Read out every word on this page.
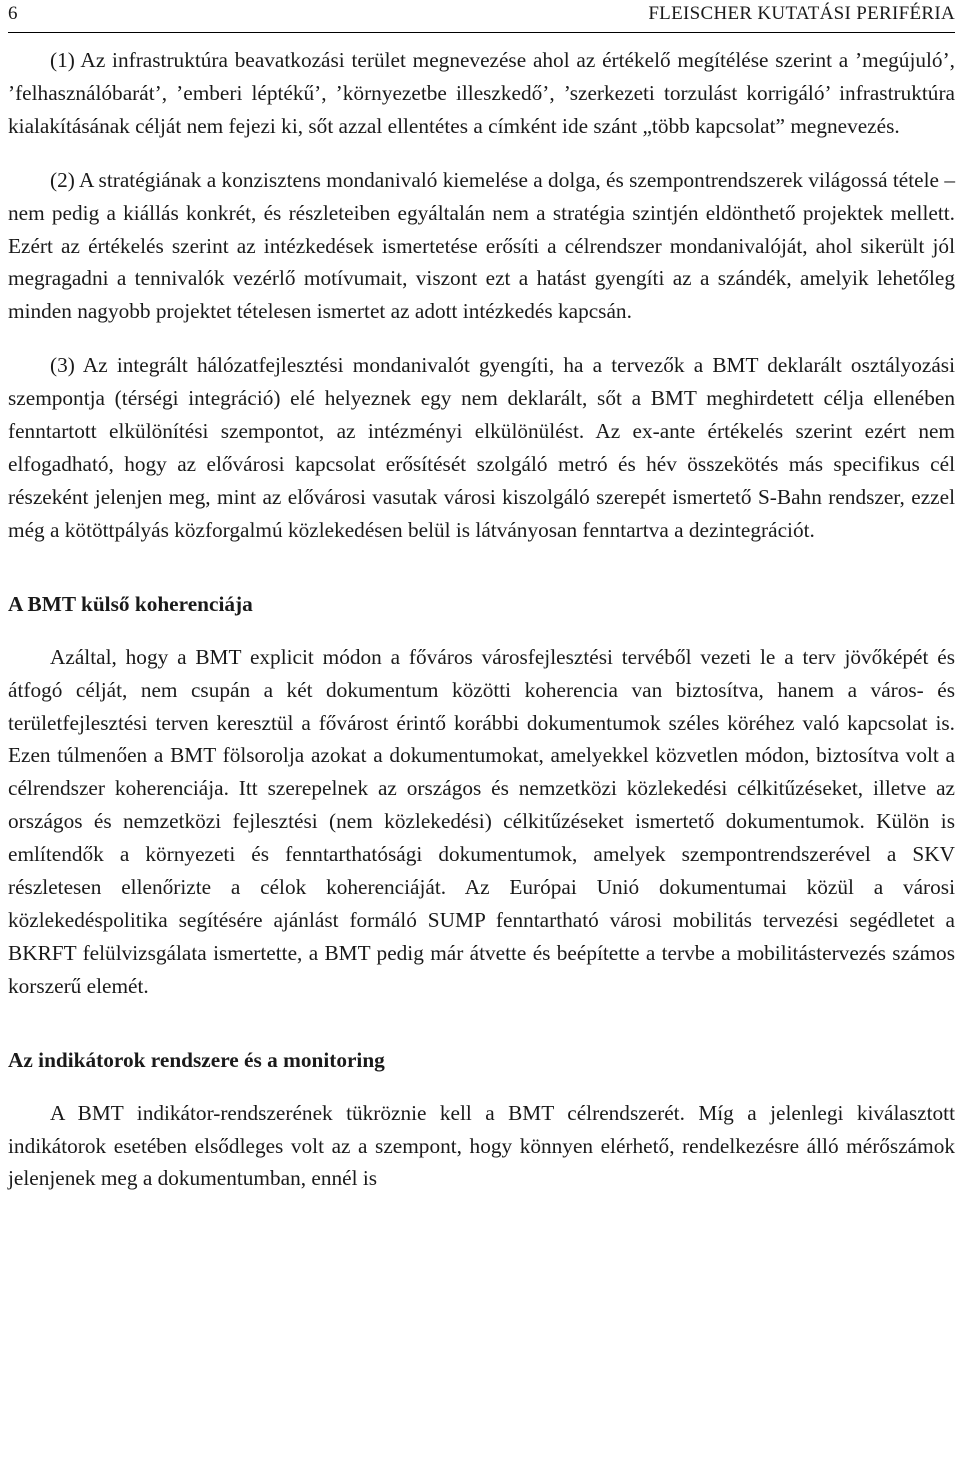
6	FLEISCHER KUTATÁSI PERIFÉRIA

(1) Az infrastruktúra beavatkozási terület megnevezése ahol az értékelő megítélése szerint a ’megújuló’, ’felhasználóbarát’, ’emberi léptékű’, ’környezetbe illeszkedő’, ’szerkezeti torzulást korrigáló’ infrastruktúra kialakításának célját nem fejezi ki, sőt azzal ellentétes a címként ide szánt „több kapcsolat” megnevezés.

(2) A stratégiának a konzisztens mondanivaló kiemelése a dolga, és szempontrendszerek világossá tétele – nem pedig a kiállás konkrét, és részleteiben egyáltalán nem a stratégia szintjén eldönthető projektek mellett. Ezért az értékelés szerint az intézkedések ismertetése erősíti a célrendszer mondanivalóját, ahol sikerült jól megragadni a tennivalók vezérlő motívumait, viszont ezt a hatást gyengíti az a szándék, amelyik lehetőleg minden nagyobb projektet tételesen ismertet az adott intézkedés kapcsán.

(3) Az integrált hálózatfejlesztési mondanivalót gyengíti, ha a tervezők a BMT deklarált osztályozási szempontja (térségi integráció) elé helyeznek egy nem deklarált, sőt a BMT meghirdetett célja ellenében fenntartott elkülönítési szempontot, az intézményi elkülönülést. Az ex-ante értékelés szerint ezért nem elfogadható, hogy az elővárosi kapcsolat erősítését szolgáló metró és hév összekötés más specifikus cél részeként jelenjen meg, mint az elővárosi vasutak városi kiszolgáló szerepét ismertető S-Bahn rendszer, ezzel még a kötöttpályás közforgalmú közlekedésen belül is látványosan fenntartva a dezintegrációt.

A BMT külső koherenciája

Azáltal, hogy a BMT explicit módon a főváros városfejlesztési tervéből vezeti le a terv jövőképét és átfogó célját, nem csupán a két dokumentum közötti koherencia van biztosítva, hanem a város- és területfejlesztési terven keresztül a fővárost érintő korábbi dokumentumok széles köréhez való kapcsolat is. Ezen túlmenően a BMT fölsorolja azokat a dokumentumokat, amelyekkel közvetlen módon, biztosítva volt a célrendszer koherenciája. Itt szerepelnek az országos és nemzetközi közlekedési célkitűzéseket, illetve az országos és nemzetközi fejlesztési (nem közlekedési) célkitűzéseket ismertető dokumentumok. Külön is említendők a környezeti és fenntarthatósági dokumentumok, amelyek szempontrendszerével a SKV részletesen ellenőrizte a célok koherenciáját. Az Európai Unió dokumentumai közül a városi közlekedéspolitika segítésére ajánlást formáló SUMP fenntartható városi mobilitás tervezési segédletet a BKRFT felülvizsgálata ismertette, a BMT pedig már átvette és beépítette a tervbe a mobilitástervezés számos korszerű elemét.

Az indikátorok rendszere és a monitoring

A BMT indikátor-rendszerének tükröznie kell a BMT célrendszerét. Míg a jelenlegi kiválasztott indikátorok esetében elsődleges volt az a szempont, hogy könnyen elérhető, rendelkezésre álló mérőszámok jelenjenek meg a dokumentumban, ennél is
